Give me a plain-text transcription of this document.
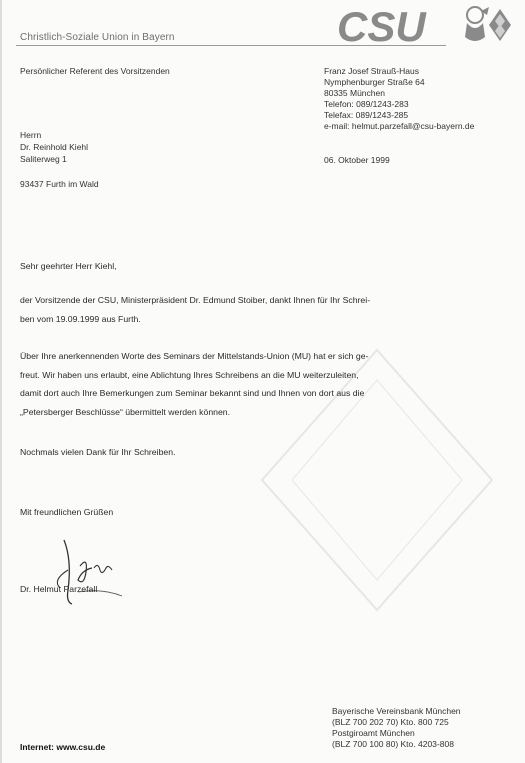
Christlich-Soziale Union in Bayern	CSU
Persönlicher Referent des Vorsitzenden	Franz Josef Strauß-Haus
Nymphenburger Straße 64
80335 München
Telefon: 089/1243-283
Telefax: 089/1243-285
e-mail: helmut.parzefall@csu-bayern.de
Herrn
Dr. Reinhold Kiehl
Saliterweg 1
93437 Furth im Wald
06. Oktober 1999
Sehr geehrter Herr Kiehl,
der Vorsitzende der CSU, Ministerpräsident Dr. Edmund Stoiber, dankt Ihnen für Ihr Schrei-
ben vom 19.09.1999 aus Furth.
Über Ihre anerkennenden Worte des Seminars der Mittelstands-Union (MU) hat er sich ge-
freut. Wir haben uns erlaubt, eine Ablichtung Ihres Schreibens an die MU weiterzuleiten,
damit dort auch Ihre Bemerkungen zum Seminar bekannt sind und Ihnen von dort aus die
„Petersberger Beschlüsse“ übermittelt werden können.
Nochmals vielen Dank für Ihr Schreiben.
Mit freundlichen Grüßen
Dr. Helmut Parzefall
Internet: www.csu.de
Bayerische Vereinsbank München
(BLZ 700 202 70) Kto. 800 725
Postgiroamt München
(BLZ 700 100 80) Kto. 4203-808
